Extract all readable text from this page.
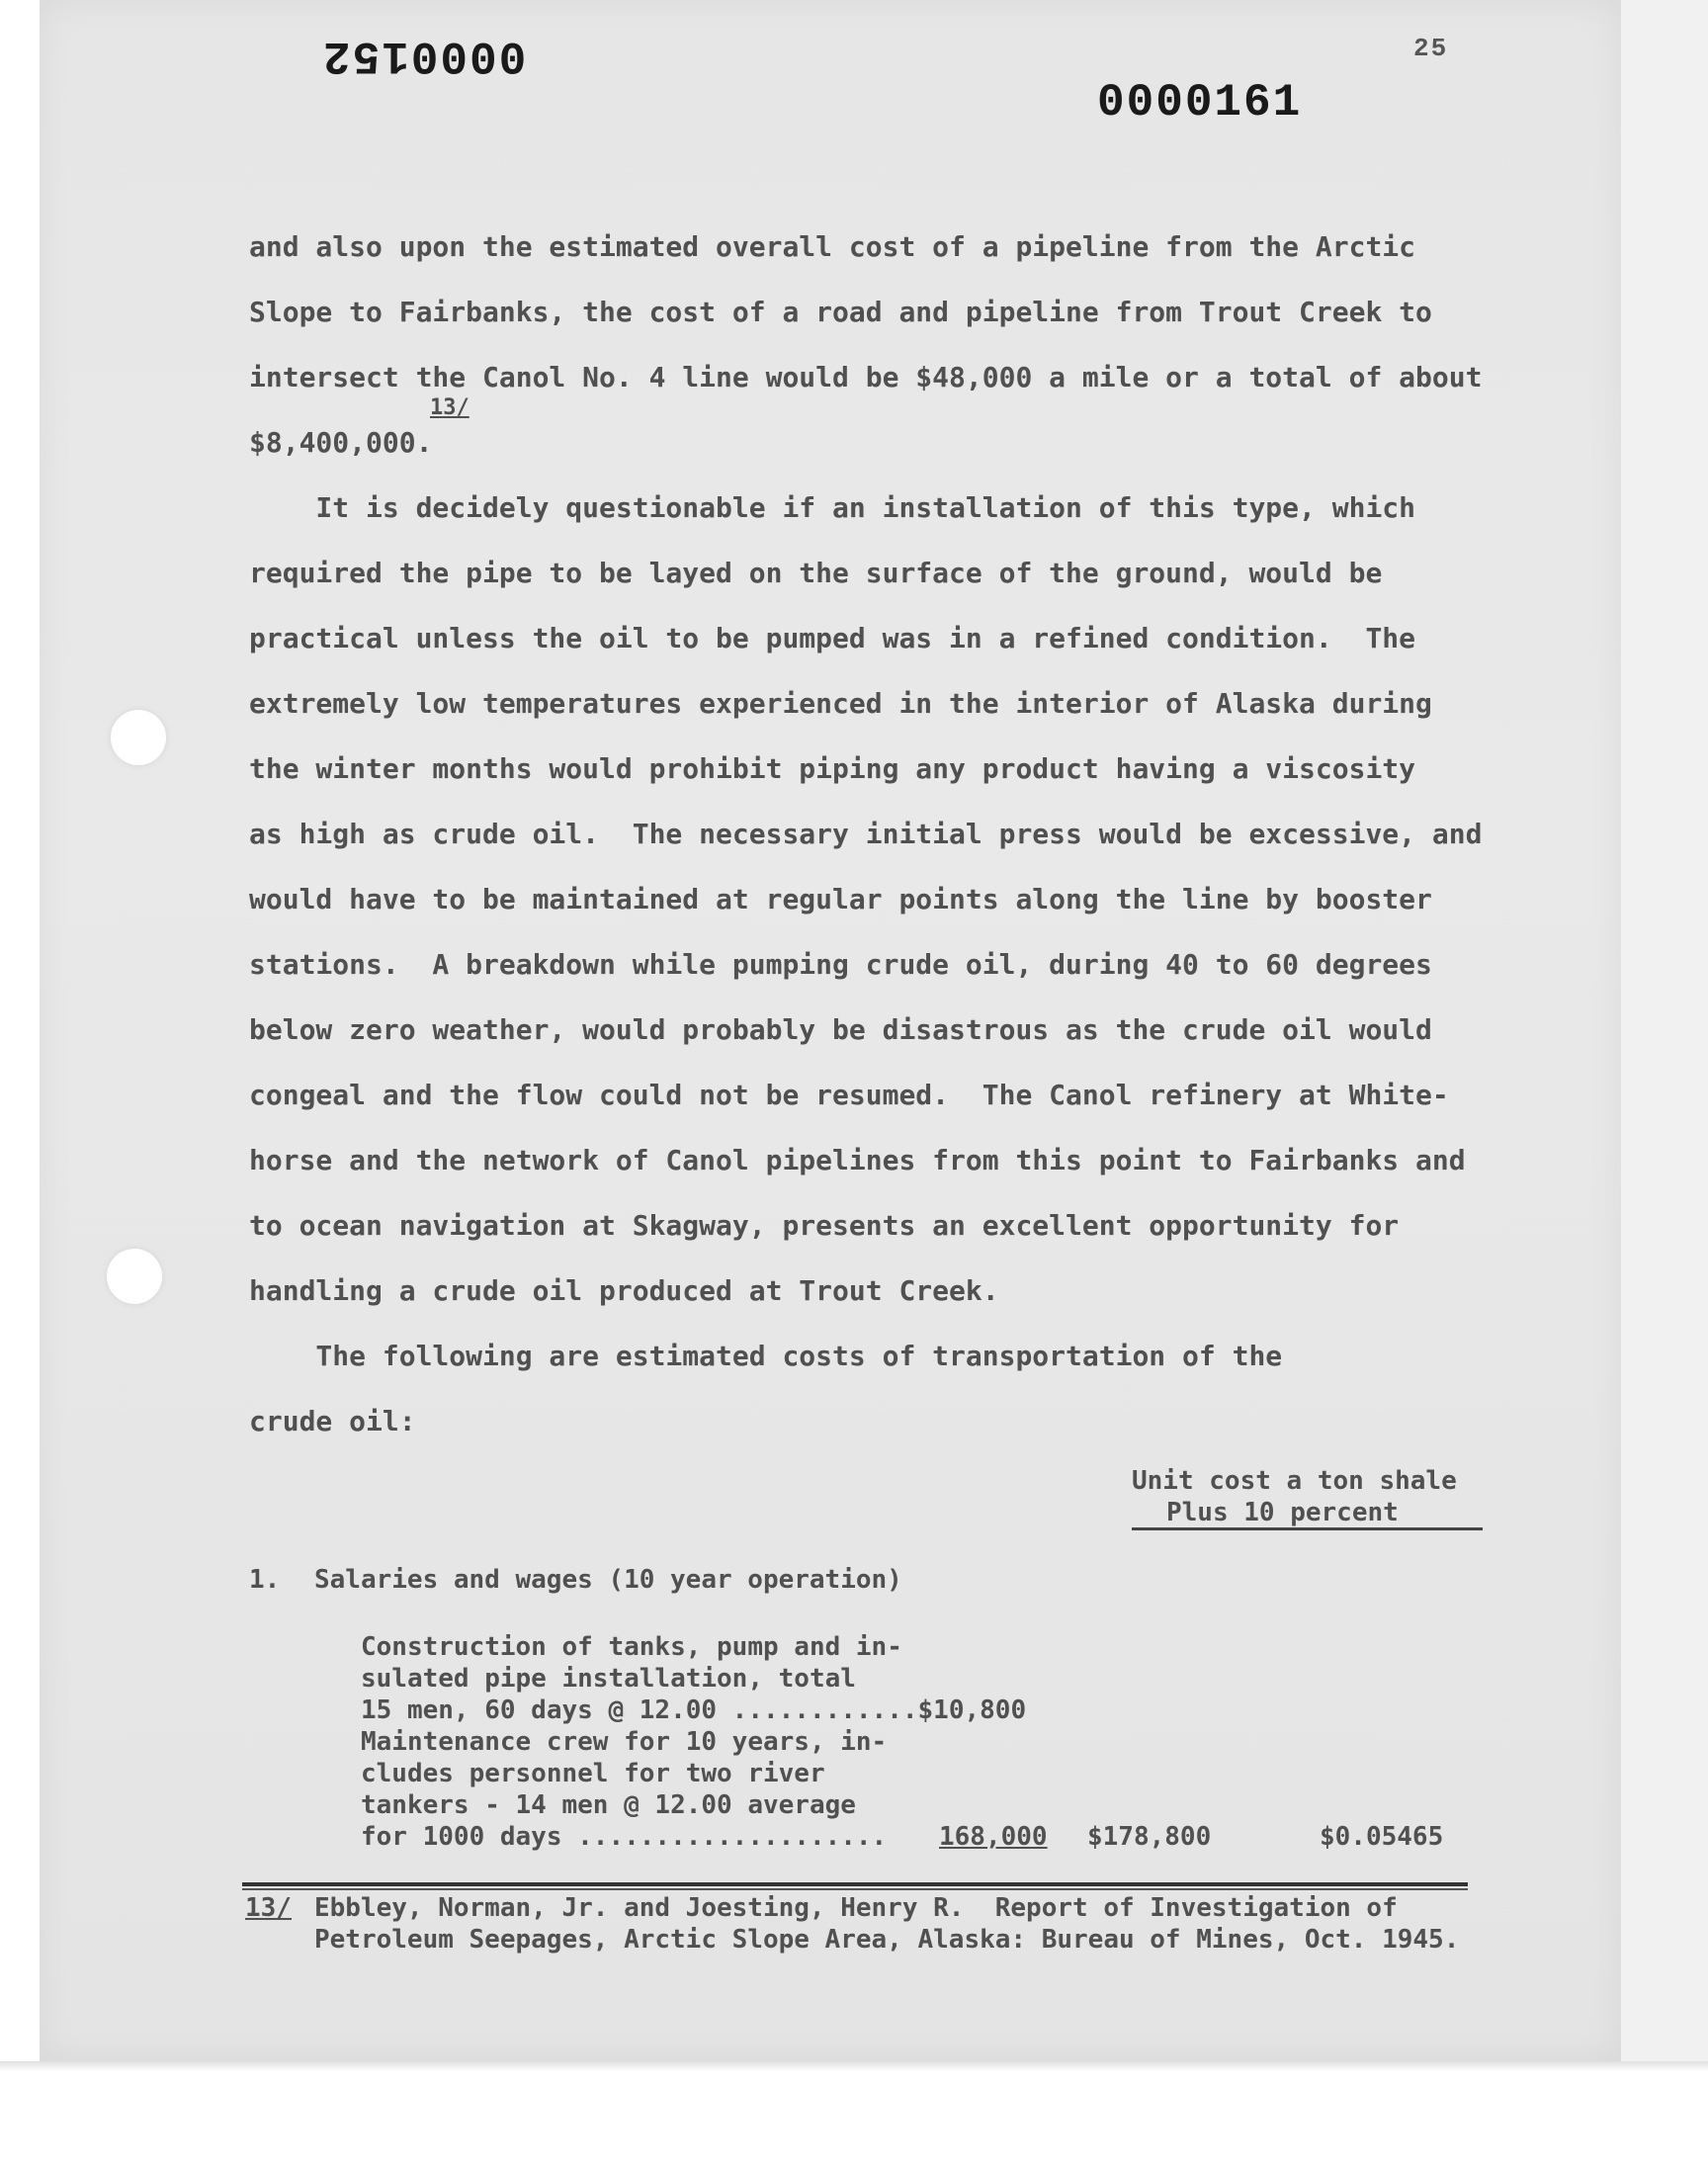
0000152
0000161
25
and also upon the estimated overall cost of a pipeline from the Arctic
Slope to Fairbanks, the cost of a road and pipeline from Trout Creek to
intersect the Canol No. 4 line would be $48,000 a mile or a total of about
$8,400,000.
13/
It is decidely questionable if an installation of this type, which
required the pipe to be layed on the surface of the ground, would be
practical unless the oil to be pumped was in a refined condition.  The
extremely low temperatures experienced in the interior of Alaska during
the winter months would prohibit piping any product having a viscosity
as high as crude oil.  The necessary initial press would be excessive, and
would have to be maintained at regular points along the line by booster
stations.  A breakdown while pumping crude oil, during 40 to 60 degrees
below zero weather, would probably be disastrous as the crude oil would
congeal and the flow could not be resumed.  The Canol refinery at White-
horse and the network of Canol pipelines from this point to Fairbanks and
to ocean navigation at Skagway, presents an excellent opportunity for
handling a crude oil produced at Trout Creek.
The following are estimated costs of transportation of the
crude oil:
Unit cost a ton shale
Plus 10 percent
1. Salaries and wages (10 year operation)
Construction of tanks, pump and in-
sulated pipe installation, total
15 men, 60 days @ 12.00 ............$10,800
Maintenance crew for 10 years, in-
cludes personnel for two river
tankers - 14 men @ 12.00 average
for 1000 days .................... 168,000 $178,800	$0.05465
13/ Ebbley, Norman, Jr. and Joesting, Henry R.  Report of Investigation of
Petroleum Seepages, Arctic Slope Area, Alaska: Bureau of Mines, Oct. 1945.
